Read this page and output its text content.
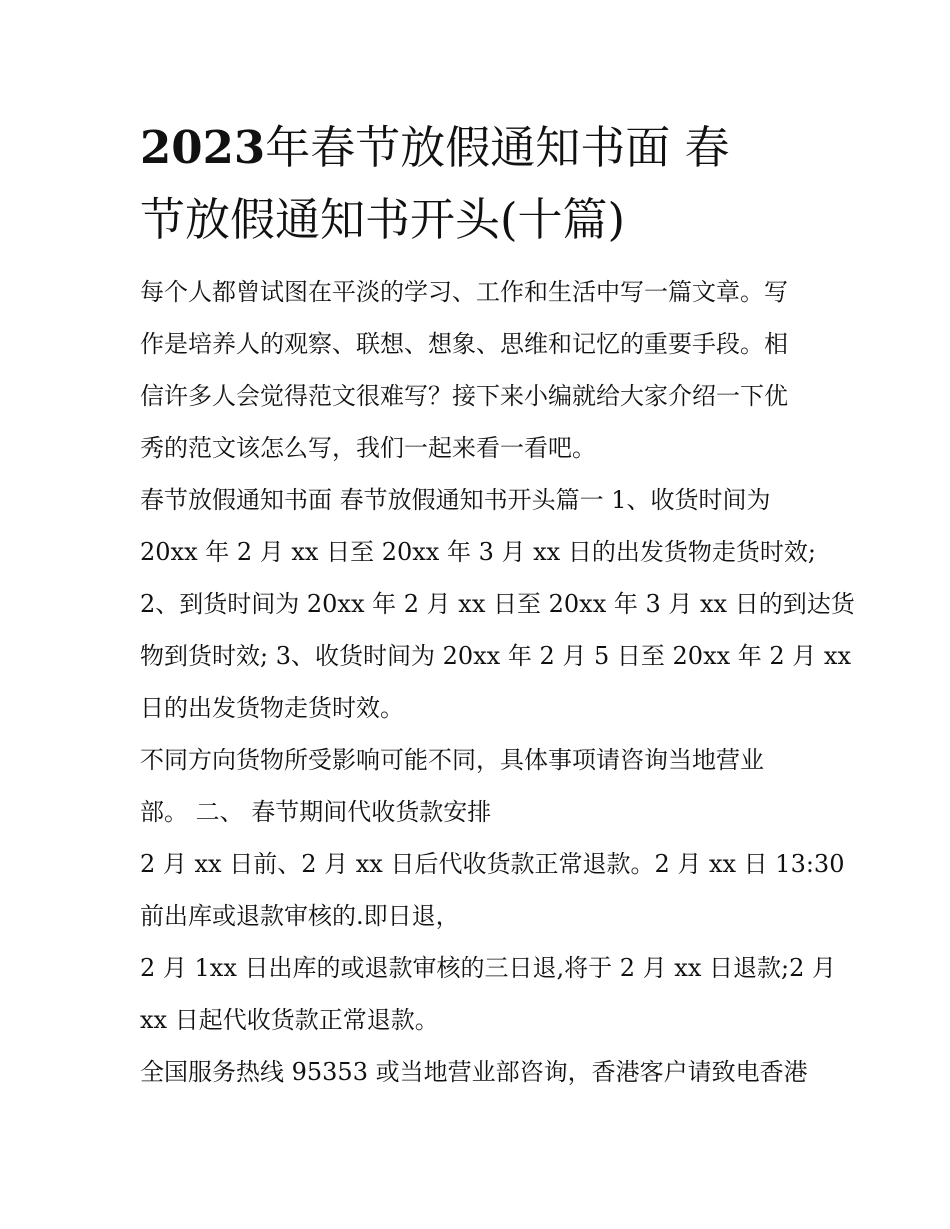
2023年春节放假通知书面 春
节放假通知书开头(十篇)

每个人都曾试图在平淡的学习、工作和生活中写一篇文章。写

作是培养人的观察、联想、想象、思维和记忆的重要手段。相

信许多人会觉得范文很难写？接下来小编就给大家介绍一下优

秀的范文该怎么写，我们一起来看一看吧。

春节放假通知书面 春节放假通知书开头篇一 1、收货时间为

20xx 年 2 月 xx 日至 20xx 年 3 月 xx 日的出发货物走货时效;

2、到货时间为 20xx 年 2 月 xx 日至 20xx 年 3 月 xx 日的到达货

物到货时效; 3、收货时间为 20xx 年 2 月 5 日至 20xx 年 2 月 xx

日的出发货物走货时效。

不同方向货物所受影响可能不同，具体事项请咨询当地营业

部。 二、 春节期间代收货款安排

2 月 xx 日前、2 月 xx 日后代收货款正常退款。2 月 xx 日 13:30

前出库或退款审核的.即日退，

2 月 1xx 日出库的或退款审核的三日退,将于 2 月 xx 日退款;2 月

xx 日起代收货款正常退款。

全国服务热线 95353 或当地营业部咨询，香港客户请致电香港
